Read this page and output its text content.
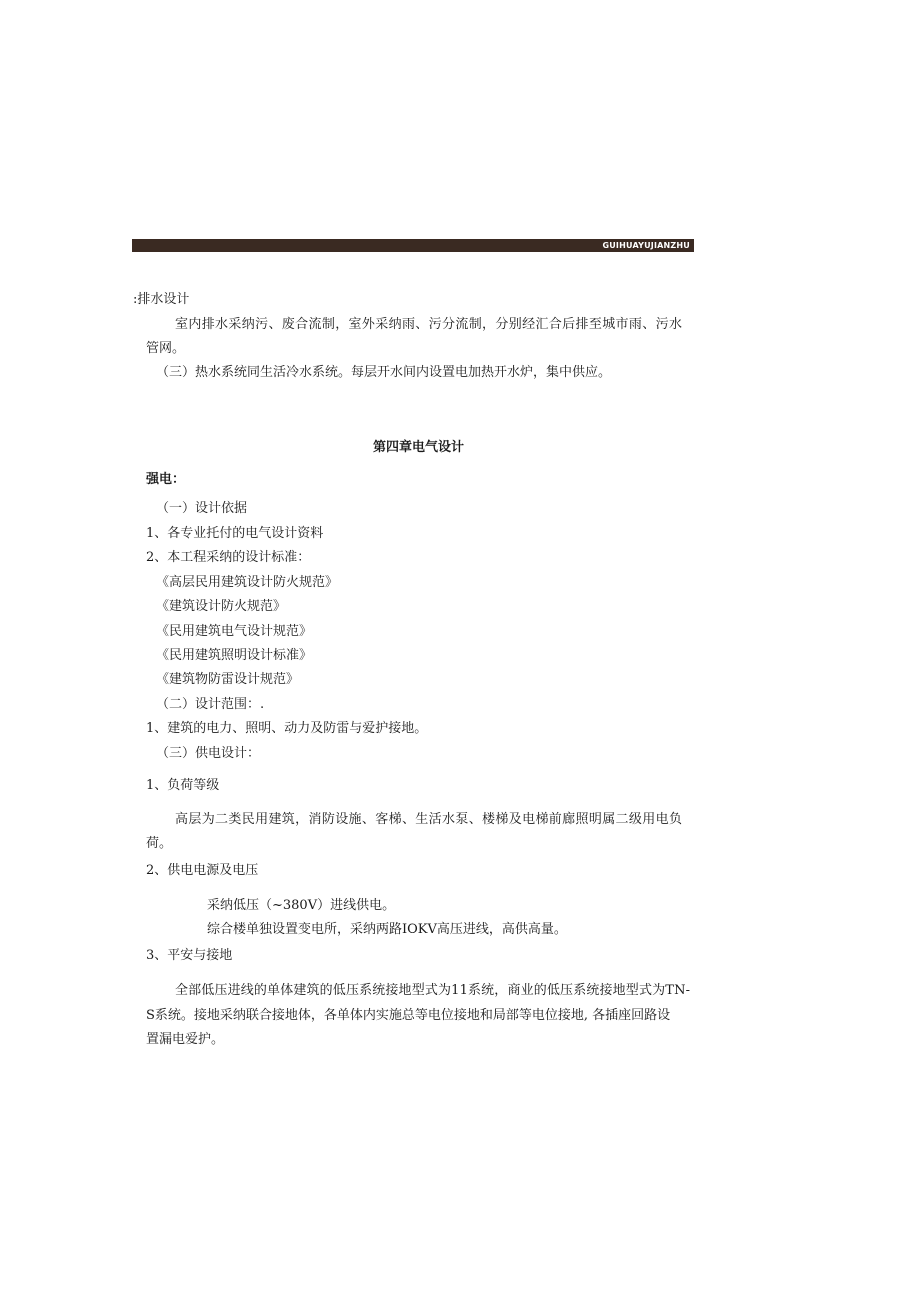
GUIHUAYUJIANZHU
:排水设计
室内排水采纳污、废合流制，室外采纳雨、污分流制，分别经汇合后排至城市雨、污水
管网。
（三）热水系统同生活冷水系统。每层开水间内设置电加热开水炉，集中供应。
第四章电气设计
强电：
（一）设计依据
1、各专业托付的电气设计资料
2、本工程采纳的设计标准：
《高层民用建筑设计防火规范》
《建筑设计防火规范》
《民用建筑电气设计规范》
《民用建筑照明设计标准》
《建筑物防雷设计规范》
（二）设计范围：.
1、建筑的电力、照明、动力及防雷与爱护接地。
（三）供电设计：
1、负荷等级
高层为二类民用建筑，消防设施、客梯、生活水泵、楼梯及电梯前廊照明属二级用电负
荷。
2、供电电源及电压
采纳低压（~380V）进线供电。
综合楼单独设置变电所，采纳两路IOKV高压进线，高供高量。
3、平安与接地
全部低压进线的单体建筑的低压系统接地型式为11系统，商业的低压系统接地型式为TN-
S系统。接地采纳联合接地体，各单体内实施总等电位接地和局部等电位接地, 各插座回路设
置漏电爱护。
